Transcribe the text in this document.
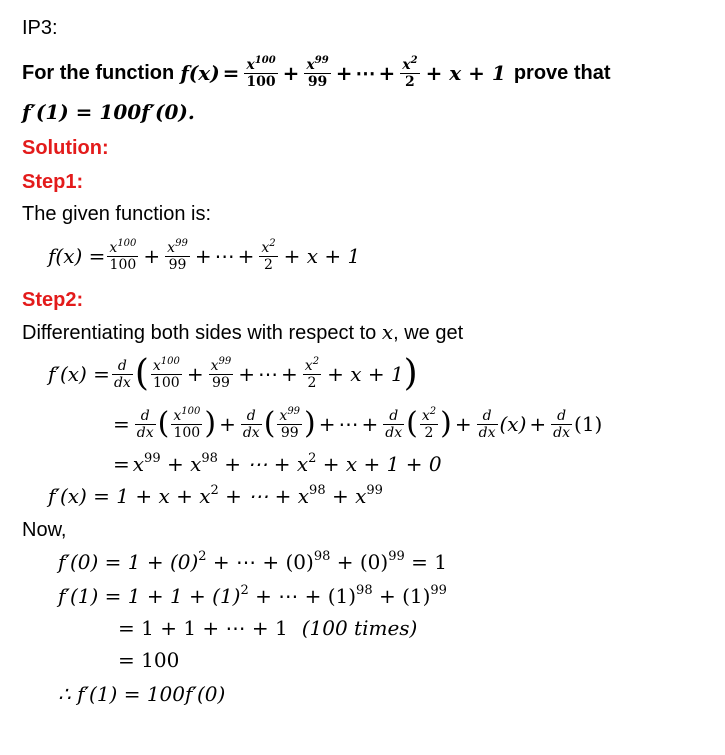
IP3:
For the function $f(x) = \frac{x^{100}}{100} + \frac{x^{99}}{99}$ + ⋯ + $\frac{x^2}{2} + x + 1$ prove that
f′(1) = 100f′(0).
Solution:
Step1:
The given function is:
$f(x) = \frac{x^{100}}{100} + \frac{x^{99}}{99}$ + ⋯ + $\frac{x^2}{2} + x + 1$
Step2:
Differentiating both sides with respect to x, we get
$f'(x) = \frac{d}{dx}$ ( $\frac{x^{100}}{100} + \frac{x^{99}}{99}$ + ⋯ + $\frac{x^2}{2} + x + 1$ )
= $\frac{d}{dx}$ ( $\frac{x^{100}}{100}$ ) + $\frac{d}{dx}$ ( $\frac{x^{99}}{99}$ ) + ⋯ + $\frac{d}{dx}$ ( $\frac{x^2}{2}$ ) + $\frac{d}{dx} (x) + \frac{d}{dx} (1)$
= $x^{99} + x^{98}$ + ⋯ + $x^2 + x + 1 + 0$
$f'(x) = 1 + x + x^2$ + ⋯ + $x^{98} + x^{99}$
Now,
$f'(0) = 1 + (0)^2$ + ⋯ + $(0)^{98} + (0)^{99} = 1$
$f'(1) = 1 + 1 + (1)^2$ + ⋯ + $(1)^{98} + (1)^{99}$
= 1 + 1 + ⋯ + 1 (100 times)
= 100
∴ f′(1) = 100f′(0)
